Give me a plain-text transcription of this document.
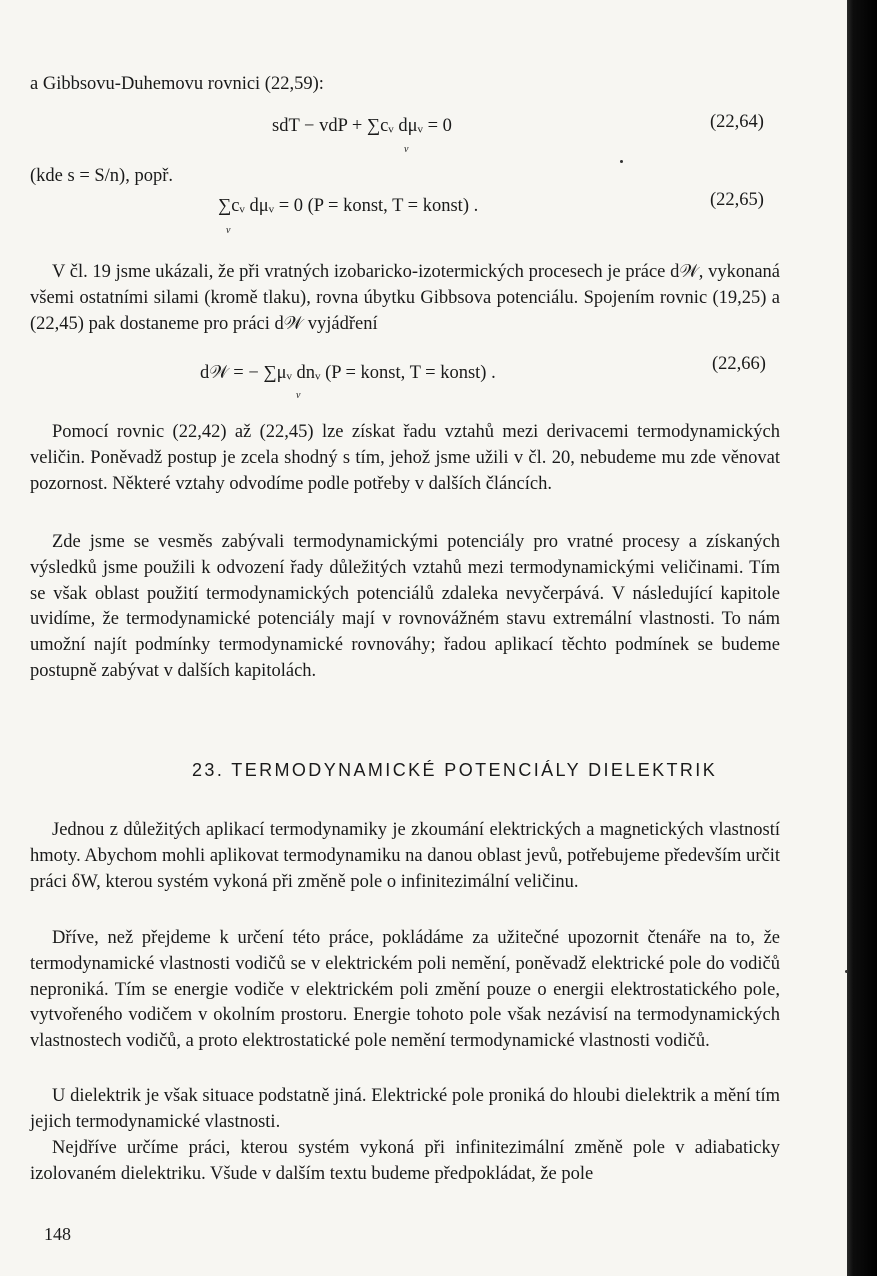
a Gibbsovu-Duhemovu rovnici (22,59):
sdT − vdP + ∑cᵥ dμᵥ = 0
ν
(22,64)
(kde s = S/n), popř.
∑cᵥ dμᵥ = 0 (P = konst, T = konst) .
ν
(22,65)
V čl. 19 jsme ukázali, že při vratných izobaricko-izotermických procesech je práce d𝒲, vykonaná všemi ostatními silami (kromě tlaku), rovna úbytku Gibbsova potenciálu. Spojením rovnic (19,25) a (22,45) pak dostaneme pro práci d𝒲 vyjádření
d𝒲 = − ∑μᵥ dnᵥ (P = konst, T = konst) .
ν
(22,66)
Pomocí rovnic (22,42) až (22,45) lze získat řadu vztahů mezi derivacemi termodynamických veličin. Poněvadž postup je zcela shodný s tím, jehož jsme užili v čl. 20, nebudeme mu zde věnovat pozornost. Některé vztahy odvodíme podle potřeby v dalších článcích.
Zde jsme se vesměs zabývali termodynamickými potenciály pro vratné procesy a získaných výsledků jsme použili k odvození řady důležitých vztahů mezi termodynamickými veličinami. Tím se však oblast použití termodynamických potenciálů zdaleka nevyčerpává. V následující kapitole uvidíme, že termodynamické potenciály mají v rovnovážném stavu extremální vlastnosti. To nám umožní najít podmínky termodynamické rovnováhy; řadou aplikací těchto podmínek se budeme postupně zabývat v dalších kapitolách.
23. TERMODYNAMICKÉ POTENCIÁLY DIELEKTRIK
Jednou z důležitých aplikací termodynamiky je zkoumání elektrických a magnetických vlastností hmoty. Abychom mohli aplikovat termodynamiku na danou oblast jevů, potřebujeme především určit práci δW, kterou systém vykoná při změně pole o infinitezimální veličinu.
Dříve, než přejdeme k určení této práce, pokládáme za užitečné upozornit čtenáře na to, že termodynamické vlastnosti vodičů se v elektrickém poli nemění, poněvadž elektrické pole do vodičů neproniká. Tím se energie vodiče v elektrickém poli změní pouze o energii elektrostatického pole, vytvořeného vodičem v okolním prostoru. Energie tohoto pole však nezávisí na termodynamických vlastnostech vodičů, a proto elektrostatické pole nemění termodynamické vlastnosti vodičů.
U dielektrik je však situace podstatně jiná. Elektrické pole proniká do hloubi dielektrik a mění tím jejich termodynamické vlastnosti.
Nejdříve určíme práci, kterou systém vykoná při infinitezimální změně pole v adiabaticky izolovaném dielektriku. Všude v dalším textu budeme předpokládat, že pole
148
